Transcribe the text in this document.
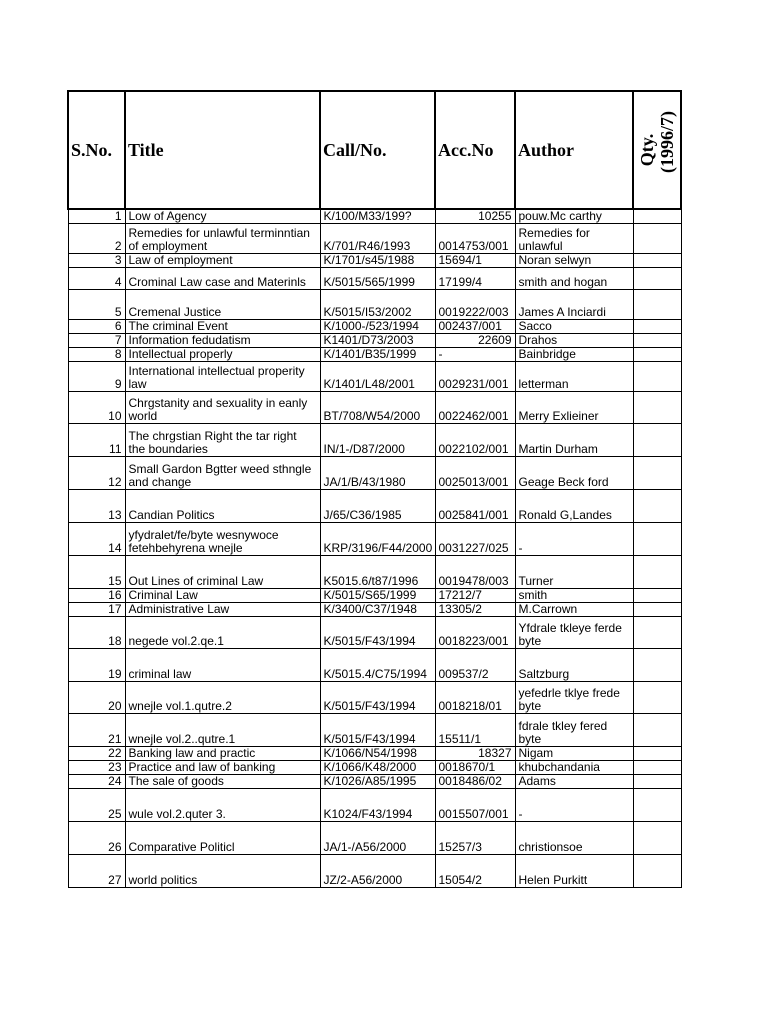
S.No.	Title	Call/No.	Acc.No	Author	Qty.
(1996/7)

1	Low of Agency	K/100/M33/199?	10255	pouw.Mc carthy	
2	Remedies for unlawful terminntian of employment	K/701/R46/1993	0014753/001	Remedies for unlawful	
3	Law of employment	K/1701/s45/1988	15694/1	Noran selwyn	
4	Crominal Law case and Materinls	K/5015/565/1999	17199/4	smith and hogan	
5	Cremenal Justice	K/5015/I53/2002	0019222/003	James A Inciardi	
6	The criminal Event	K/1000-/523/1994	002437/001	Sacco	
7	Information fedudatism	K1401/D73/2003	22609	Drahos	
8	Intellectual properly	K/1401/B35/1999	-	Bainbridge	
9	International intellectual properity law	K/1401/L48/2001	0029231/001	letterman	
10	Chrgstanity and sexuality in eanly world	BT/708/W54/2000	0022462/001	Merry Exlieiner	
11	The chrgstian Right the tar right the boundaries	IN/1-/D87/2000	0022102/001	Martin Durham	
12	Small Gardon Bgtter weed sthngle and change	JA/1/B/43/1980	0025013/001	Geage Beck ford	
13	Candian Politics	J/65/C36/1985	0025841/001	Ronald G,Landes	
14	yfydralet/fe/byte wesnywoce fetehbehyrena wnejle	KRP/3196/F44/2000	0031227/025	-	
15	Out Lines of criminal Law	K5015.6/t87/1996	0019478/003	Turner	
16	Criminal Law	K/5015/S65/1999	17212/7	smith	
17	Administrative Law	K/3400/C37/1948	13305/2	M.Carrown	
18	negede vol.2.qe.1	K/5015/F43/1994	0018223/001	Yfdrale tkleye ferde byte	
19	criminal law	K/5015.4/C75/1994	009537/2	Saltzburg	
20	wnejle vol.1.qutre.2	K/5015/F43/1994	0018218/01	yefedrle tklye frede byte	
21	wnejle vol.2..qutre.1	K/5015/F43/1994	15511/1	fdrale tkley fered byte	
22	Banking law and practic	K/1066/N54/1998	18327	Nigam	
23	Practice and law of banking	K/1066/K48/2000	0018670/1	khubchandania	
24	The sale of goods	K/1026/A85/1995	0018486/02	Adams	
25	wule vol.2.quter 3.	K1024/F43/1994	0015507/001	-	
26	Comparative Politicl	JA/1-/A56/2000	15257/3	christionsoe	
27	world politics	JZ/2-A56/2000	15054/2	Helen Purkitt	
